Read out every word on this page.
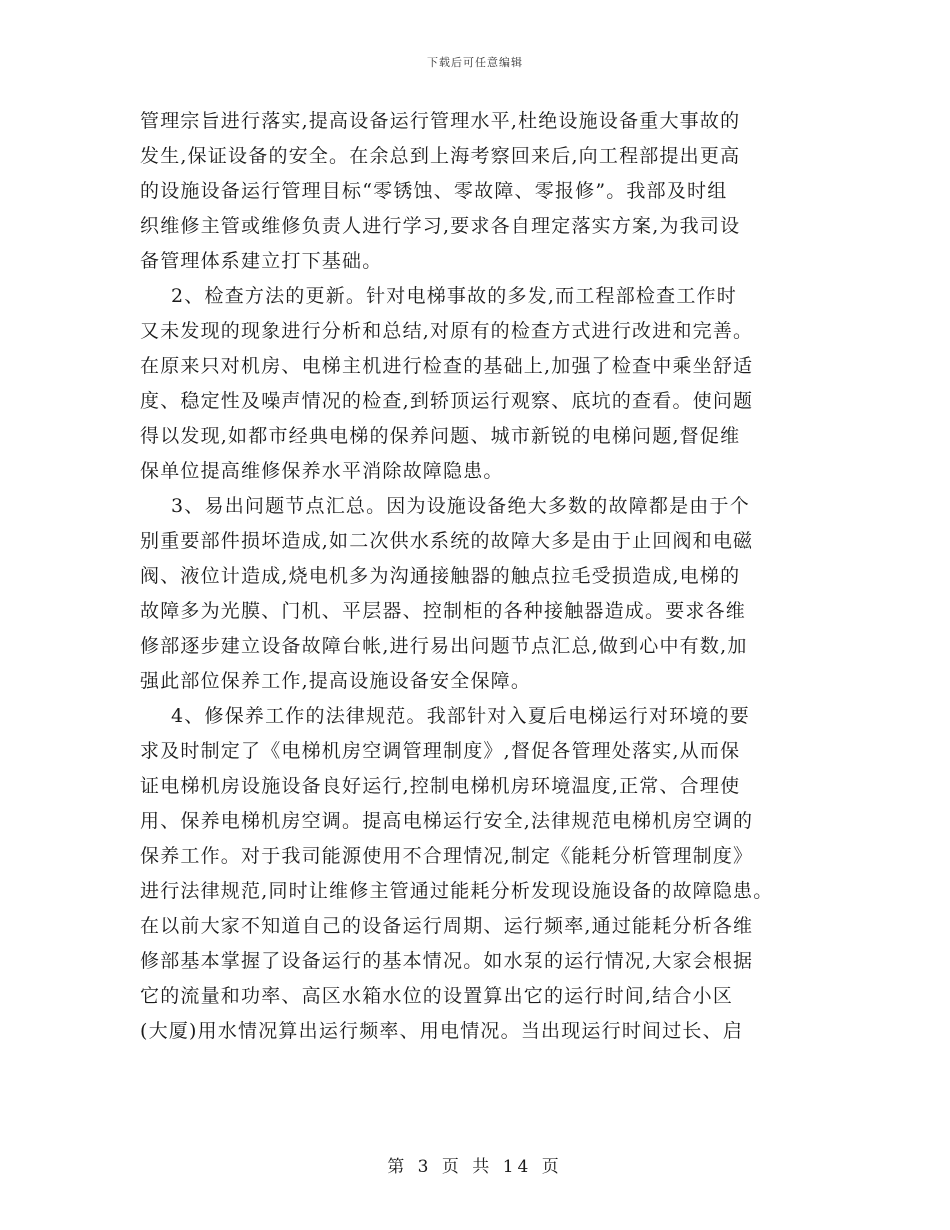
下载后可任意编辑
管理宗旨进行落实,提高设备运行管理水平,杜绝设施设备重大事故的
发生,保证设备的安全。在余总到上海考察回来后,向工程部提出更高
的设施设备运行管理目标“零锈蚀、零故障、零报修”。我部及时组
织维修主管或维修负责人进行学习,要求各自理定落实方案,为我司设
备管理体系建立打下基础。
2、检查方法的更新。针对电梯事故的多发,而工程部检查工作时
又未发现的现象进行分析和总结,对原有的检查方式进行改进和完善。
在原来只对机房、电梯主机进行检查的基础上,加强了检查中乘坐舒适
度、稳定性及噪声情况的检查,到轿顶运行观察、底坑的查看。使问题
得以发现,如都市经典电梯的保养问题、城市新锐的电梯问题,督促维
保单位提高维修保养水平消除故障隐患。
3、易出问题节点汇总。因为设施设备绝大多数的故障都是由于个
别重要部件损坏造成,如二次供水系统的故障大多是由于止回阀和电磁
阀、液位计造成,烧电机多为沟通接触器的触点拉毛受损造成,电梯的
故障多为光膜、门机、平层器、控制柜的各种接触器造成。要求各维
修部逐步建立设备故障台帐,进行易出问题节点汇总,做到心中有数,加
强此部位保养工作,提高设施设备安全保障。
4、修保养工作的法律规范。我部针对入夏后电梯运行对环境的要
求及时制定了《电梯机房空调管理制度》,督促各管理处落实,从而保
证电梯机房设施设备良好运行,控制电梯机房环境温度,正常、合理使
用、保养电梯机房空调。提高电梯运行安全,法律规范电梯机房空调的
保养工作。对于我司能源使用不合理情况,制定《能耗分析管理制度》
进行法律规范,同时让维修主管通过能耗分析发现设施设备的故障隐患。
在以前大家不知道自己的设备运行周期、运行频率,通过能耗分析各维
修部基本掌握了设备运行的基本情况。如水泵的运行情况,大家会根据
它的流量和功率、高区水箱水位的设置算出它的运行时间,结合小区
(大厦)用水情况算出运行频率、用电情况。当出现运行时间过长、启
第 3 页 共 14 页
